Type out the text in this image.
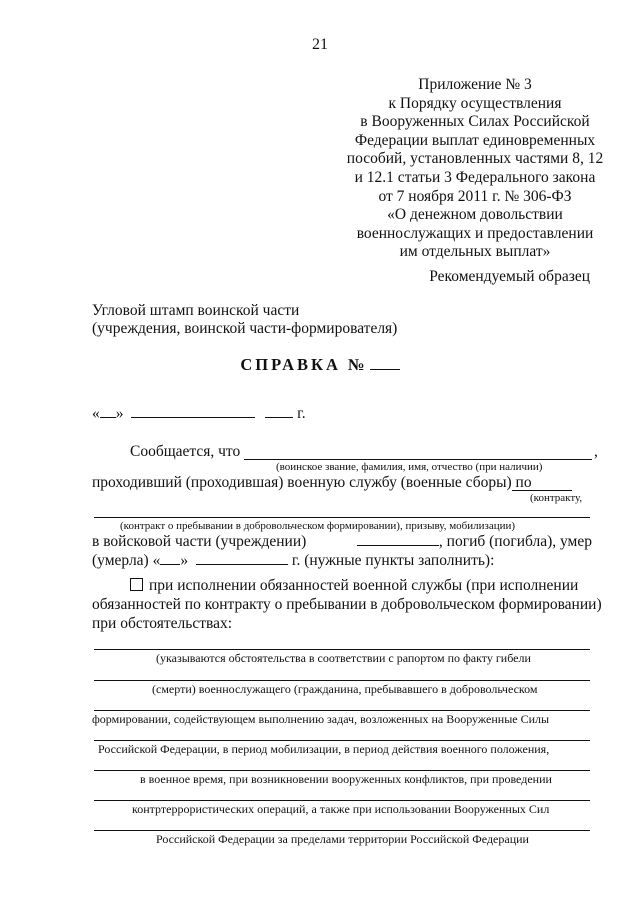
21
Приложение № 3
к Порядку осуществления
в Вооруженных Силах Российской
Федерации выплат единовременных
пособий, установленных частями 8, 12
и 12.1 статьи 3 Федерального закона
от 7 ноября 2011 г. № 306-ФЗ
«О денежном довольствии
военнослужащих и предоставлении
им отдельных выплат»
Рекомендуемый образец
Угловой штамп воинской части
(учреждения, воинской части-формирователя)
СПРАВКА №
« »	г.
Сообщается, что	,
(воинское звание, фамилия, имя, отчество (при наличии)
проходивший (проходившая) военную службу (военные сборы) по
(контракту,
(контракт о пребывании в добровольческом формировании), призыву, мобилизации)
в войсковой части (учреждении)	, погиб (погибла), умер
(умерла) « »	г. (нужные пункты заполнить):
при исполнении обязанностей военной службы (при исполнении
обязанностей по контракту о пребывании в добровольческом формировании)
при обстоятельствах:
(указываются обстоятельства в соответствии с рапортом по факту гибели
(смерти) военнослужащего (гражданина, пребывавшего в добровольческом
формировании, содействующем выполнению задач, возложенных на Вооруженные Силы
Российской Федерации, в период мобилизации, в период действия военного положения,
в военное время, при возникновении вооруженных конфликтов, при проведении
контртеррористических операций, а также при использовании Вооруженных Сил
Российской Федерации за пределами территории Российской Федерации
